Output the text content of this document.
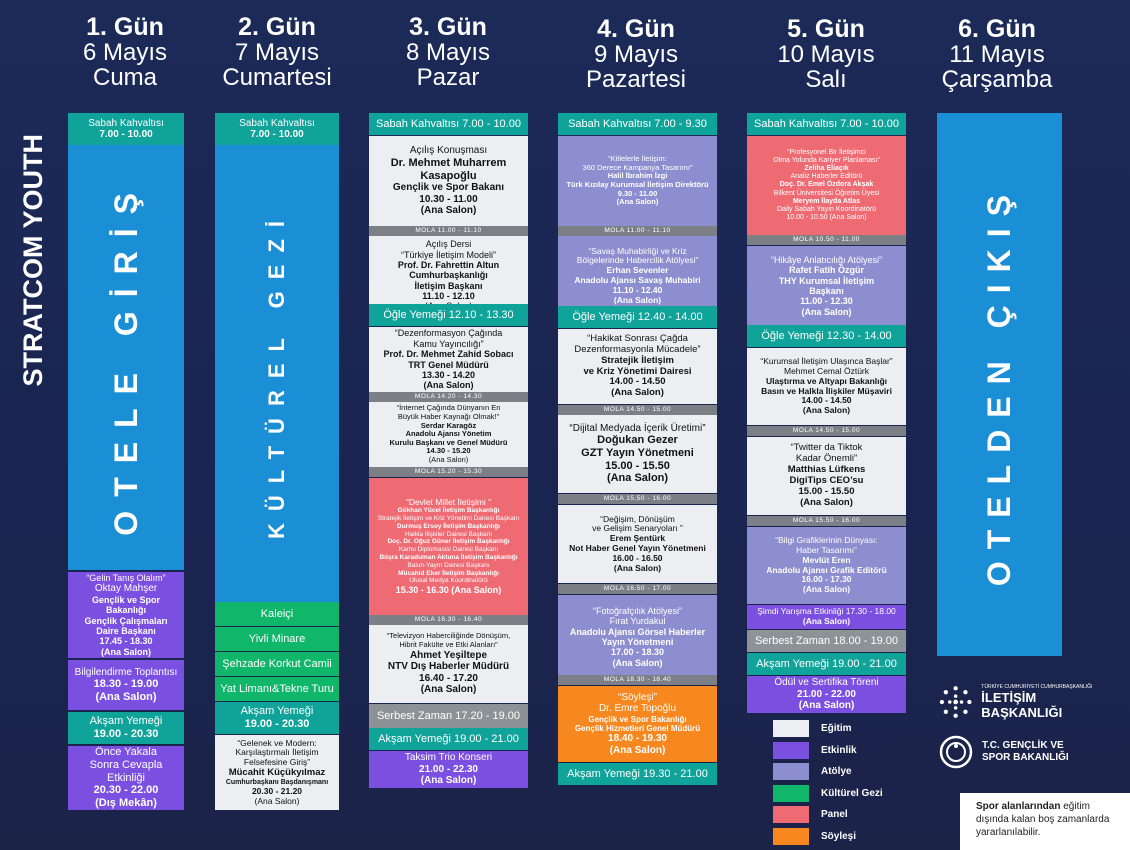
STRATCOM YOUTH
1. Gün
6 Mayıs
Cuma
2. Gün
7 Mayıs
Cumartesi
3. Gün
8 Mayıs
Pazar
4. Gün
9 Mayıs
Pazartesi
5. Gün
10 Mayıs
Salı
6. Gün
11 Mayıs
Çarşamba
Sabah Kahvaltısı
7.00 - 10.00
OTELE GİRİŞ
“Gelin Tanış Olalım”
Oktay Mahşer
Gençlik ve Spor Bakanlığı
Gençlik Çalışmaları
Daire Başkanı
17.45 - 18.30
(Ana Salon)
Bilgilendirme Toplantısı
18.30 - 19.00
(Ana Salon)
Akşam Yemeği
19.00 - 20.30
Önce Yakala
Sonra Cevapla Etkinliği
20.30 - 22.00
(Dış Mekân)
Sabah Kahvaltısı
7.00 - 10.00
KÜLTÜREL GEZİ
Kaleiçi
Yivli Minare
Şehzade Korkut Camii
Yat Limanı&Tekne Turu
Akşam Yemeği
19.00 - 20.30
“Gelenek ve Modern:
Karşılaştırmalı İletişim
Felsefesine Giriş”
Mücahit Küçükyılmaz
Cumhurbaşkanı Başdanışmanı
20.30 - 21.20
(Ana Salon)
Sabah Kahvaltısı 7.00 - 10.00
Açılış Konuşması
Dr. Mehmet Muharrem
Kasapoğlu
Gençlik ve Spor Bakanı
10.30 - 11.00
(Ana Salon)
MOLA 11.00 - 11.10
Açılış Dersi
“Türkiye İletişim Modeli”
Prof. Dr. Fahrettin Altun
Cumhurbaşkanlığı
İletişim Başkanı
11.10 - 12.10
Öğle Yemeği 12.10 - 13.30
“Dezenformasyon Çağında
Kamu Yayıncılığı”
Prof. Dr. Mehmet Zahid Sobacı
TRT Genel Müdürü
13.30 - 14.20
(Ana Salon)
MOLA 14.20 - 14.30
“İnternet Çağında Dünyanın En
Büyük Haber Kaynağı Olmak!”
Serdar Karagöz
Anadolu Ajansı Yönetim
Kurulu Başkanı ve Genel Müdürü
14.30 - 15.20
(Ana Salon)
MOLA 15.20 - 15.30
“Devlet Millet İletişimi ”
Gökhan Yücel İletişim Başkanlığı
Stratejik İletişim ve Kriz Yönetimi Dairesi Başkanı
Durmuş Ersoy İletişim Başkanlığı
Halkla İlişkiler Dairesi Başkanı
Doç. Dr. Oğuz Güner İletişim Başkanlığı
Kamu Diplomasisi Dairesi Başkanı
Büşra Karaduman Aktuna İletişim Başkanlığı
Basın-Yayın Dairesi Başkanı
Mücahid Eker İletişim Başkanlığı
Ulusal Medya Koordinatörü
15.30 - 16.30 (Ana Salon)
MOLA 16.30 - 16.40
“Televizyon Haberciliğinde Dönüşüm,
Hibrit Fakülte ve Etki Alanları”
Ahmet Yeşiltepe
NTV Dış Haberler Müdürü
16.40 - 17.20
(Ana Salon)
Serbest Zaman 17.20 - 19.00
Akşam Yemeği 19.00 - 21.00
Taksim Trio Konseri
21.00 - 22.30
(Ana Salon)
Sabah Kahvaltısı 7.00 - 9.30
“Kitlelerle İletişim:
360 Derece Kampanya Tasarımı”
Halil İbrahim İzgi
Türk Kızılay Kurumsal İletişim Direktörü
9.30 - 11.00
(Ana Salon)
MOLA 11.00 - 11.10
“Savaş Muhabirliği ve Kriz
Bölgelerinde Habercilik Atölyesi”
Erhan Sevenler
Anadolu Ajansı Savaş Muhabiri
11.10 - 12.40
(Ana Salon)
Öğle Yemeği 12.40 - 14.00
“Hakikat Sonrası Çağda
Dezenformasyonla Mücadele”
Stratejik İletişim
ve Kriz Yönetimi Dairesi
14.00 - 14.50
(Ana Salon)
MOLA 14.50 - 15.00
“Dijital Medyada İçerik Üretimi”
Doğukan Gezer
GZT Yayın Yönetmeni
15.00 - 15.50
(Ana Salon)
MOLA 15.50 - 16.00
“Değişim, Dönüşüm
ve Gelişim Senaryoları ”
Erem Şentürk
Not Haber Genel Yayın Yönetmeni
16.00 - 16.50
(Ana Salon)
MOLA 16.50 - 17.00
“Fotoğrafçılık Atölyesi”
Fırat Yurdakul
Anadolu Ajansı Görsel Haberler
Yayın Yönetmeni
17.00 - 18.30
(Ana Salon)
MOLA 18.30 - 18.40
“Söyleşi”
Dr. Emre Topoğlu
Gençlik ve Spor Bakanlığı
Gençlik Hizmetleri Genel Müdürü
18.40 - 19.30
(Ana Salon)
Akşam Yemeği 19.30 - 21.00
Sabah Kahvaltısı 7.00 - 10.00
“Profesyonel Bir İletişimci
Olma Yolunda Kariyer Planlaması”
Zeliha Eliaçık
Analiz Haberler Editörü
Doç. Dr. Emel Özdora Akşak
Bilkent Üniversitesi Öğretim Üyesi
Meryem İlayda Atlas
Daily Sabah Yayın Koordinatörü
10.00 - 10.50 (Ana Salon)
MOLA 10.50 - 11.00
“Hikâye Anlatıcılığı Atölyesi”
Rafet Fatih Özgür
THY Kurumsal İletişim
Başkanı
11.00 - 12.30
(Ana Salon)
Öğle Yemeği 12.30 - 14.00
“Kurumsal İletişim Ulaşınca Başlar”
Mehmet Cemal Öztürk
Ulaştırma ve Altyapı Bakanlığı
Basın ve Halkla İlişkiler Müşaviri
14.00 - 14.50
(Ana Salon)
MOLA 14.50 - 15.00
“Twitter da Tiktok
Kadar Önemli”
Matthias Lüfkens
DigiTips CEO’su
15.00 - 15.50
(Ana Salon)
MOLA 15.50 - 16.00
“Bilgi Grafiklerinin Dünyası:
Haber Tasarımı”
Mevlüt Eren
Anadolu Ajansı Grafik Editörü
16.00 - 17.30
(Ana Salon)
Şimdi Yarışma Etkinliği 17.30 - 18.00
(Ana Salon)
Serbest Zaman 18.00 - 19.00
Akşam Yemeği 19.00 - 21.00
Ödül ve Sertifika Töreni
21.00 - 22.00
(Ana Salon)
Eğitim
Etkinlik
Atölye
Kültürel Gezi
Panel
Söyleşi
OTELDEN ÇIKIŞ
TÜRKİYE CUMHURİYETİ CUMHURBAŞKANLIĞI
İLETİŞİM BAŞKANLIĞI
T.C. GENÇLİK VE
SPOR BAKANLIĞI
Spor alanlarından eğitim dışında kalan boş zamanlarda yararlanılabilir.
